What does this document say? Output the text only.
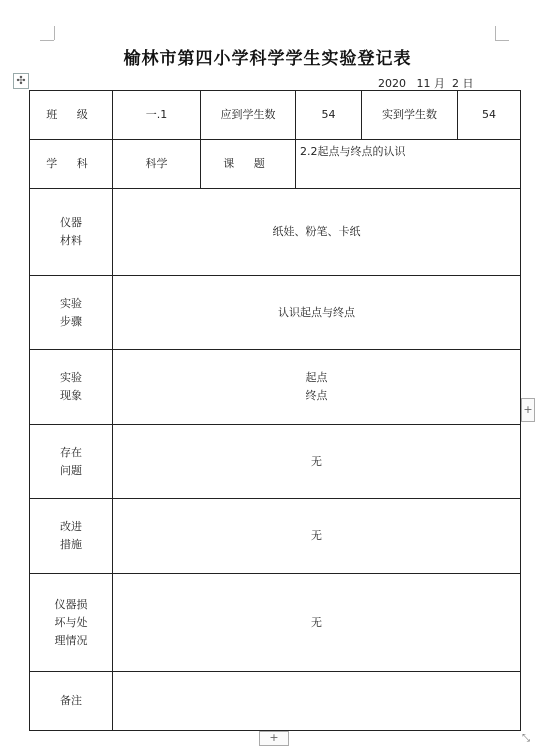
✣
榆林市第四小学科学学生实验登记表
2020   11 月  2 日
班 级	一.1	应到学生数	54	实到学生数	54
学 科	科学	课 题	2.2起点与终点的认识		

仪器
材料	纸娃、粉笔、卡纸				

实验
步骤	认识起点与终点				

实验
现象	起点
终点				

存在
问题	无				

改进
措施	无				

仪器损
坏与处
理情况	无				
备注					
+
+	⤡
